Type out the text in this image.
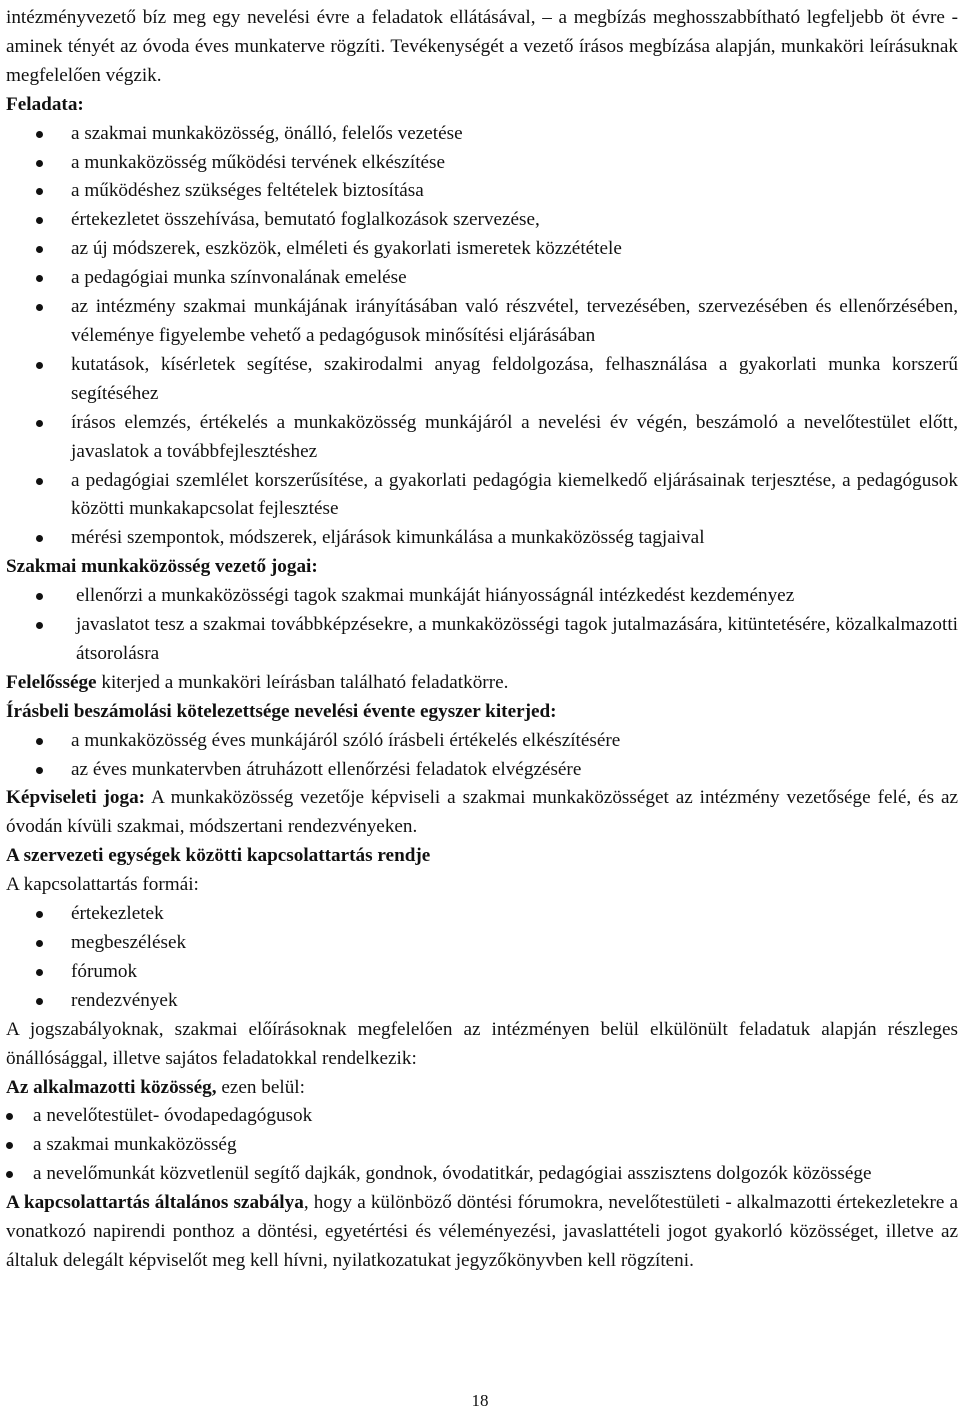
intézményvezető bíz meg egy nevelési évre a feladatok ellátásával, – a megbízás meghosszabbítható legfeljebb öt évre - aminek tényét az óvoda éves munkaterve rögzíti. Tevékenységét a vezető írásos megbízása alapján, munkaköri leírásuknak megfelelően végzik.

Feladata:

a szakmai munkaközösség, önálló, felelős vezetése
a munkaközösség működési tervének elkészítése
a működéshez szükséges feltételek biztosítása
értekezletet összehívása, bemutató foglalkozások szervezése,
az új módszerek, eszközök, elméleti és gyakorlati ismeretek közzététele
a pedagógiai munka színvonalának emelése
az intézmény szakmai munkájának irányításában való részvétel, tervezésében, szervezésében és ellenőrzésében, véleménye figyelembe vehető a pedagógusok minősítési eljárásában
kutatások, kísérletek segítése, szakirodalmi anyag feldolgozása, felhasználása a gyakorlati munka korszerű segítéséhez
írásos elemzés, értékelés a munkaközösség munkájáról a nevelési év végén, beszámoló a nevelőtestület előtt, javaslatok a továbbfejlesztéshez
a pedagógiai szemlélet korszerűsítése, a gyakorlati pedagógia kiemelkedő eljárásainak terjesztése, a pedagógusok közötti munkakapcsolat fejlesztése
mérési szempontok, módszerek, eljárások kimunkálása a munkaközösség tagjaival

Szakmai munkaközösség vezető jogai:

ellenőrzi a munkaközösségi tagok szakmai munkáját hiányosságnál intézkedést kezdeményez
javaslatot tesz a szakmai továbbképzésekre, a munkaközösségi tagok jutalmazására, kitüntetésére, közalkalmazotti átsorolásra

Felelőssége kiterjed a munkaköri leírásban található feladatkörre.

Írásbeli beszámolási kötelezettsége nevelési évente egyszer kiterjed:

a munkaközösség éves munkájáról szóló írásbeli értékelés elkészítésére
az éves munkatervben átruházott ellenőrzési feladatok elvégzésére

Képviseleti joga: A munkaközösség vezetője képviseli a szakmai munkaközösséget az intézmény vezetősége felé, és az óvodán kívüli szakmai, módszertani rendezvényeken.

A szervezeti egységek közötti kapcsolattartás rendje

A kapcsolattartás formái:

értekezletek
megbeszélések
fórumok
rendezvények

A jogszabályoknak, szakmai előírásoknak megfelelően az intézményen belül elkülönült feladatuk alapján részleges önállósággal, illetve sajátos feladatokkal rendelkezik:

Az alkalmazotti közösség, ezen belül:

a nevelőtestület- óvodapedagógusok
a szakmai munkaközösség
a nevelőmunkát közvetlenül segítő dajkák, gondnok, óvodatitkár, pedagógiai asszisztens dolgozók közössége

A kapcsolattartás általános szabálya, hogy a különböző döntési fórumokra, nevelőtestületi - alkalmazotti értekezletekre a vonatkozó napirendi ponthoz a döntési, egyetértési és véleményezési, javaslattételi jogot gyakorló közösséget, illetve az általuk delegált képviselőt meg kell hívni, nyilatkozatukat jegyzőkönyvben kell rögzíteni.

18
